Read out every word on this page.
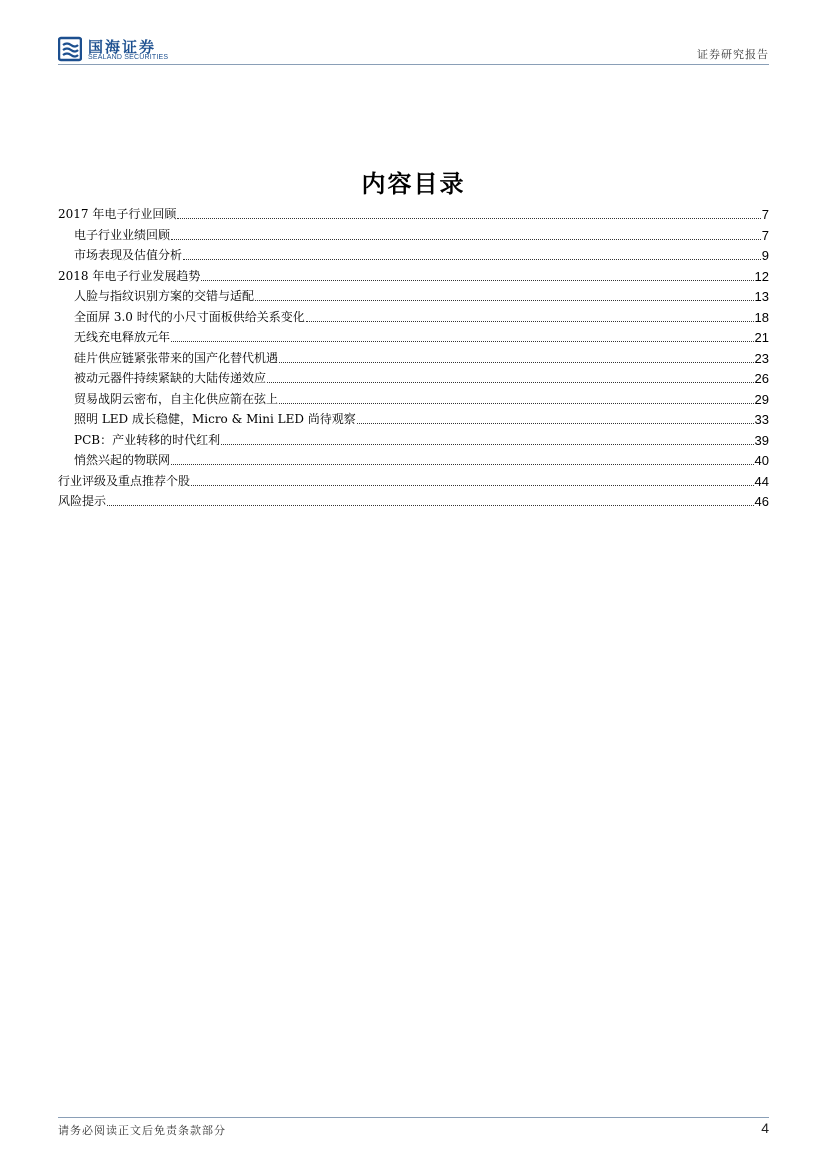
国海证券
SEALAND SECURITIES	证券研究报告
内容目录
2017 年电子行业回顾	7
电子行业业绩回顾	7
市场表现及估值分析	9
2018 年电子行业发展趋势	12
人脸与指纹识别方案的交错与适配	13
全面屏 3.0 时代的小尺寸面板供给关系变化	18
无线充电释放元年	21
硅片供应链紧张带来的国产化替代机遇	23
被动元器件持续紧缺的大陆传递效应	26
贸易战阴云密布，自主化供应箭在弦上	29
照明 LED 成长稳健，Micro & Mini LED 尚待观察	33
PCB：产业转移的时代红利	39
悄然兴起的物联网	40
行业评级及重点推荐个股	44
风险提示	46
请务必阅读正文后免责条款部分	4
